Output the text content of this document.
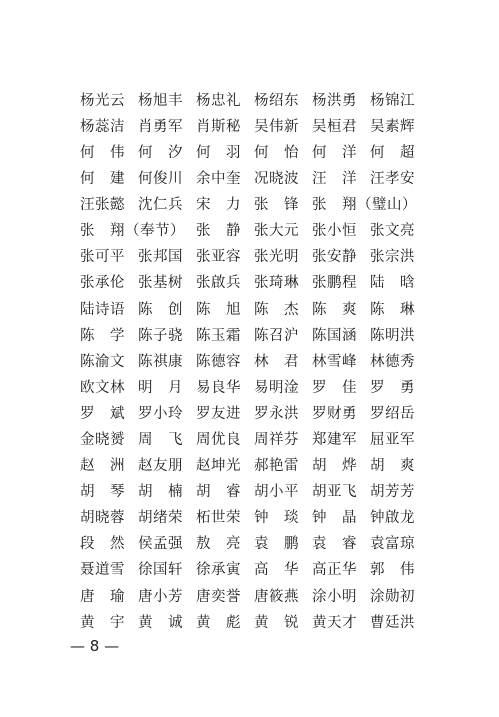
杨光云 杨旭丰 杨忠礼 杨绍东 杨洪勇 杨锦江
杨蕊洁 肖勇军 肖斯秘 吴伟新 吴桓君 吴素辉
何　伟 何　汐 何　羽 何　怡 何　洋 何　超
何　建 何俊川 余中奎 况晓波 汪　洋 汪孝安
汪张懿 沈仁兵 宋　力 张　锋 张　翔（璧山）
张　翔（奉节） 张　静 张大元 张小恒 张文亮
张可平 张邦国 张亚容 张光明 张安静 张宗洪
张承伦 张基树 张啟兵 张琦琳 张鹏程 陆　晗
陆诗语 陈　创 陈　旭 陈　杰 陈　爽 陈　琳
陈　学 陈子骁 陈玉霜 陈召沪 陈国涵 陈明洪
陈渝文 陈祺康 陈德容 林　君 林雪峰 林德秀
欧文林 明　月 易良华 易明淦 罗　佳 罗　勇
罗　斌 罗小玲 罗友进 罗永洪 罗财勇 罗绍岳
金晓赟 周　飞 周优良 周祥芬 郑建军 屈亚军
赵　洲 赵友朋 赵坤光 郝艳雷 胡　烨 胡　爽
胡　琴 胡　楠 胡　睿 胡小平 胡亚飞 胡芳芳
胡晓蓉 胡绪荣 柘世荣 钟　琰 钟　晶 钟啟龙
段　然 侯孟强 敖　亮 袁　鹏 袁　睿 袁富琼
聂道雪 徐国轩 徐承寅 高　华 高正华 郭　伟
唐　瑜 唐小芳 唐奕誉 唐筱燕 涂小明 涂勋初
黄　宇 黄　诚 黄　彪 黄　锐 黄天才 曹廷洪
— 8 —
